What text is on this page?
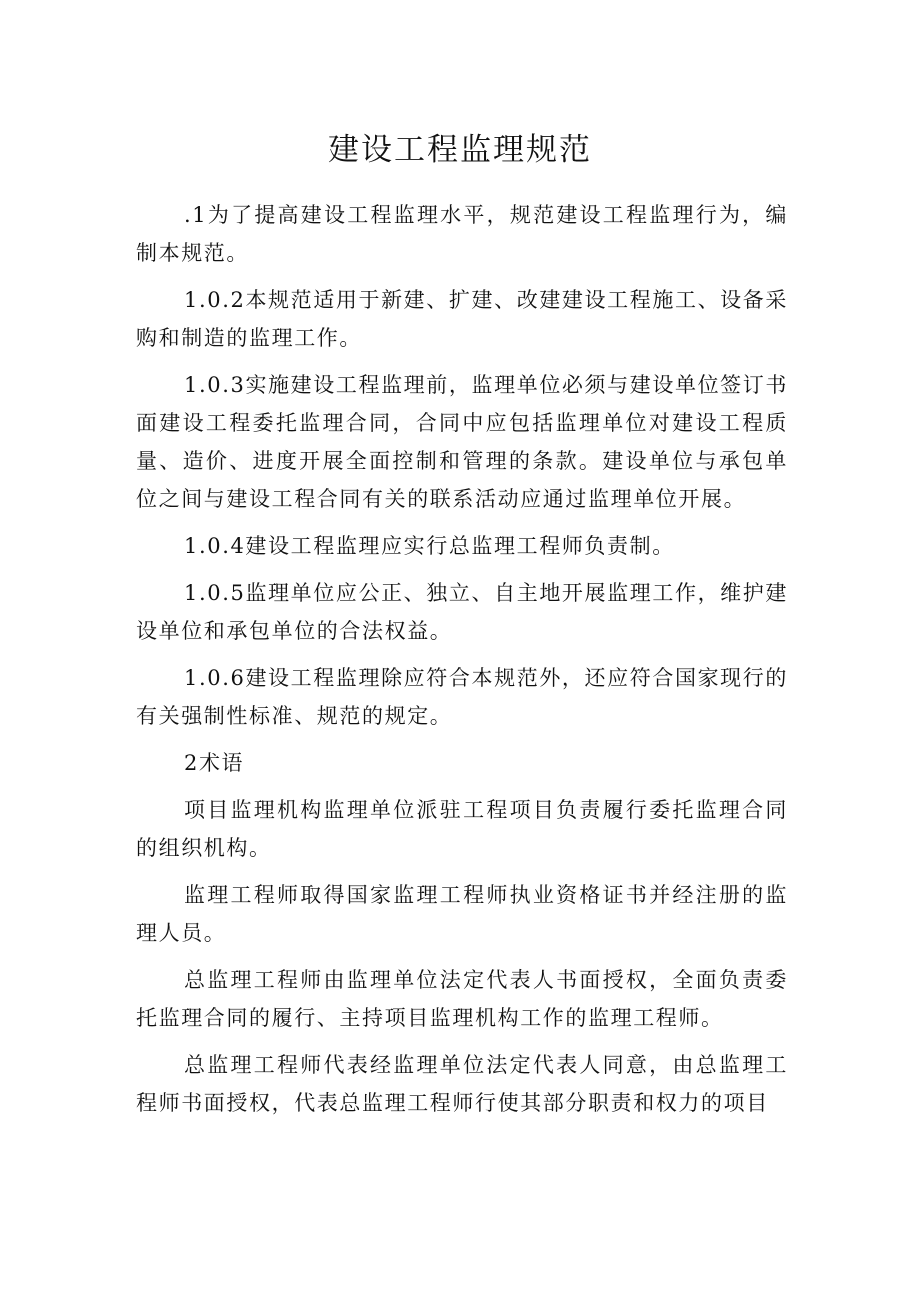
建设工程监理规范

.1为了提高建设工程监理水平，规范建设工程监理行为，编制本规范。

1.0.2本规范适用于新建、扩建、改建建设工程施工、设备采购和制造的监理工作。

1.0.3实施建设工程监理前，监理单位必须与建设单位签订书面建设工程委托监理合同，合同中应包括监理单位对建设工程质量、造价、进度开展全面控制和管理的条款。建设单位与承包单位之间与建设工程合同有关的联系活动应通过监理单位开展。

1.0.4建设工程监理应实行总监理工程师负责制。

1.0.5监理单位应公正、独立、自主地开展监理工作，维护建设单位和承包单位的合法权益。

1.0.6建设工程监理除应符合本规范外，还应符合国家现行的有关强制性标准、规范的规定。

2术语

项目监理机构监理单位派驻工程项目负责履行委托监理合同的组织机构。

监理工程师取得国家监理工程师执业资格证书并经注册的监理人员。

总监理工程师由监理单位法定代表人书面授权，全面负责委托监理合同的履行、主持项目监理机构工作的监理工程师。

总监理工程师代表经监理单位法定代表人同意，由总监理工程师书面授权，代表总监理工程师行使其部分职责和权力的项目
